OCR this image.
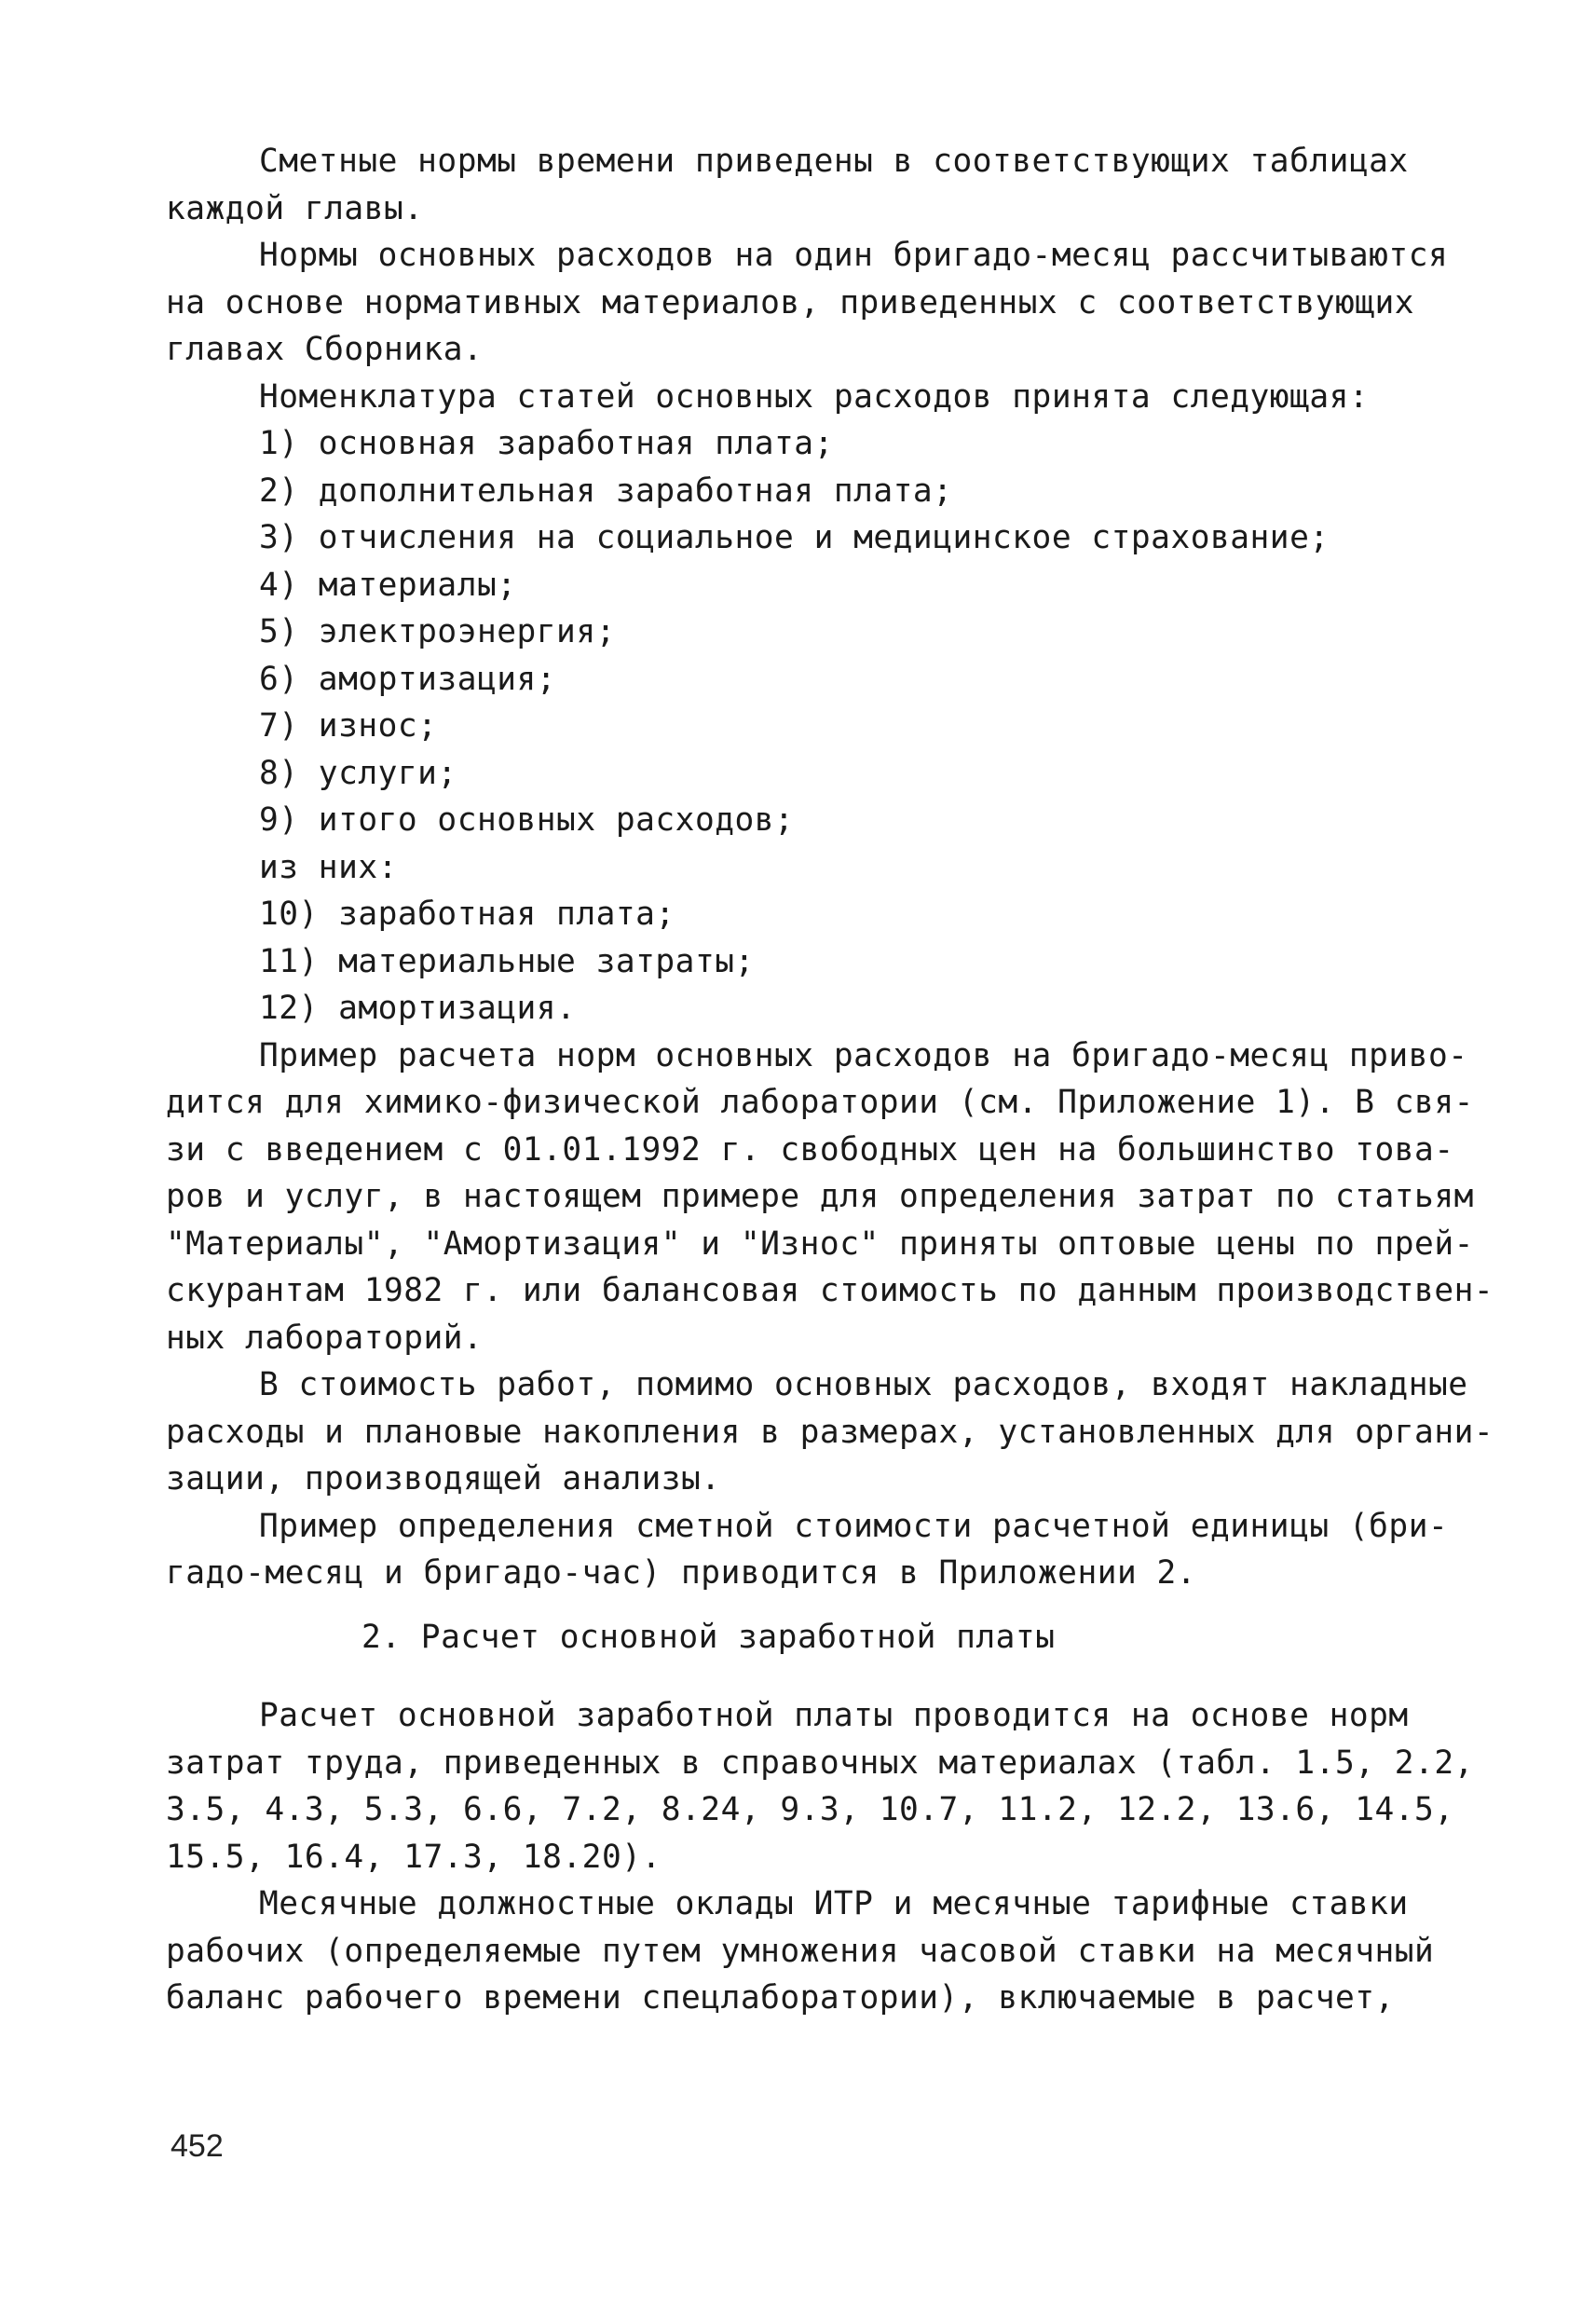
Сметные нормы времени приведены в соответствующих таблицах
каждой главы.
Нормы основных расходов на один бригадо-месяц рассчитываются
на основе нормативных материалов, приведенных с соответствующих
главах Сборника.
Номенклатура статей основных расходов принята следующая:
1) основная заработная плата;
2) дополнительная заработная плата;
3) отчисления на социальное и медицинское страхование;
4) материалы;
5) электроэнергия;
6) амортизация;
7) износ;
8) услуги;
9) итого основных расходов;
из них:
10) заработная плата;
11) материальные затраты;
12) амортизация.
Пример расчета норм основных расходов на бригадо-месяц приво-
дится для химико-физической лаборатории (см. Приложение 1). В свя-
зи с введением с 01.01.1992 г. свободных цен на большинство това-
ров и услуг, в настоящем примере для определения затрат по статьям
"Материалы", "Амортизация" и "Износ" приняты оптовые цены по прей-
скурантам 1982 г. или балансовая стоимость по данным производствен-
ных лабораторий.
В стоимость работ, помимо основных расходов, входят накладные
расходы и плановые накопления в размерах, установленных для органи-
зации, производящей анализы.
Пример определения сметной стоимости расчетной единицы (бри-
гадо-месяц и бригадо-час) приводится в Приложении 2.
2. Расчет основной заработной платы
Расчет основной заработной платы проводится на основе норм
затрат труда, приведенных в справочных материалах (табл. 1.5, 2.2,
3.5, 4.3, 5.3, 6.6, 7.2, 8.24, 9.3, 10.7, 11.2, 12.2, 13.6, 14.5,
15.5, 16.4, 17.3, 18.20).
Месячные должностные оклады ИТР и месячные тарифные ставки
рабочих (определяемые путем умножения часовой ставки на месячный
баланс рабочего времени спецлаборатории), включаемые в расчет,
452
